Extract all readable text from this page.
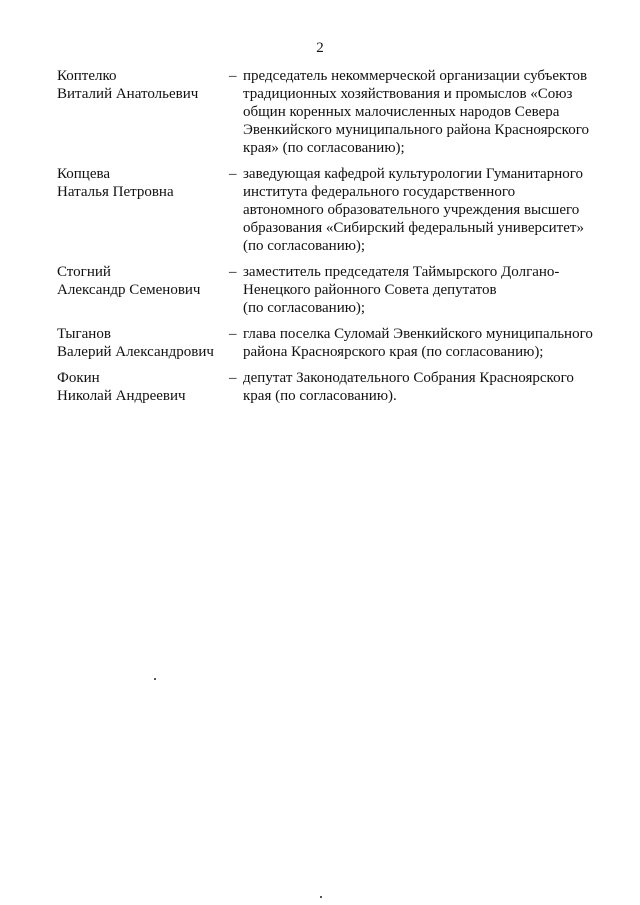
2
Коптелко
Виталий Анатольевич
– председатель некоммерческой организации субъектов
традиционных хозяйствования и промыслов «Союз
общин коренных малочисленных народов Севера
Эвенкийского муниципального района Красноярского
края» (по согласованию);
Копцева
Наталья Петровна
– заведующая кафедрой культурологии Гуманитарного
института федерального государственного
автономного образовательного учреждения высшего
образования «Сибирский федеральный университет»
(по согласованию);
Стогний
Александр Семенович
– заместитель председателя Таймырского Долгано-
Ненецкого районного Совета депутатов
(по согласованию);
Тыганов
Валерий Александрович
– глава поселка Суломай Эвенкийского муниципального
района Красноярского края (по согласованию);
Фокин
Николай Андреевич
– депутат Законодательного Собрания Красноярского
края (по согласованию).
